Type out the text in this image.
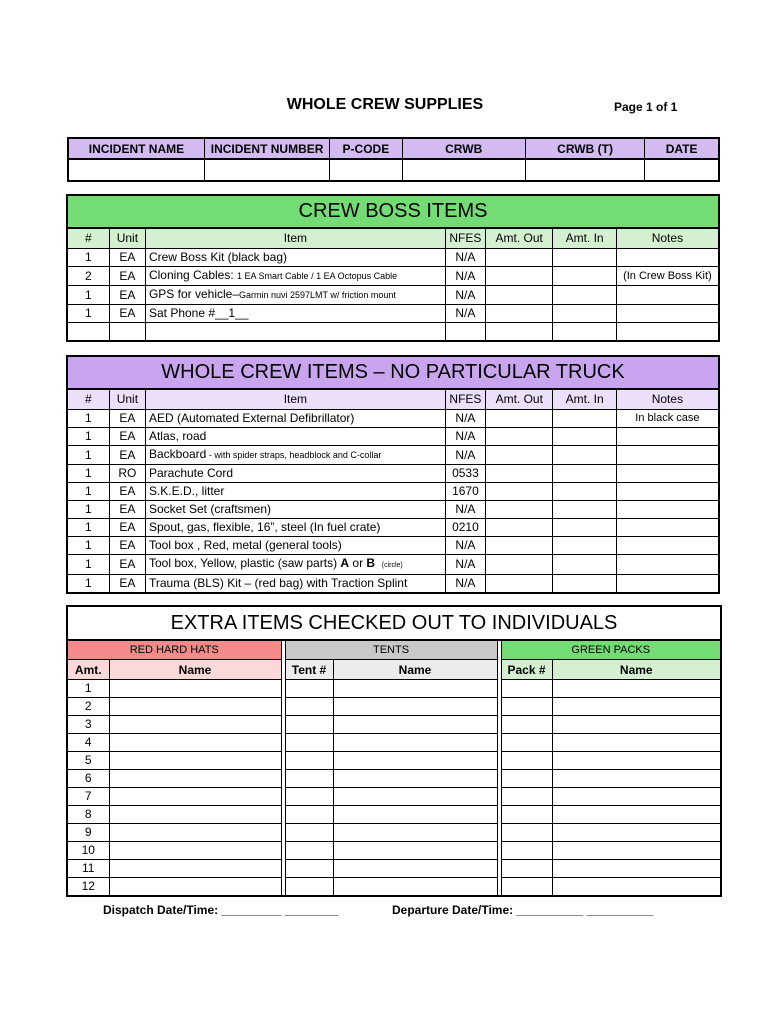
WHOLE CREW SUPPLIES	Page 1 of 1
INCIDENT NAME	INCIDENT NUMBER	P-CODE	CRWB	CRWB (T)	DATE

CREW BOSS ITEMS						
#	Unit	Item	NFES	Amt. Out	Amt. In	Notes
1	EA	Crew Boss Kit (black bag)	N/A			
2	EA	Cloning Cables: 1 EA Smart Cable / 1 EA Octopus Cable	N/A			(In Crew Boss Kit)
1	EA	GPS for vehicle–Garmin nuvi 2597LMT w/ friction mount	N/A			
1	EA	Sat Phone #__1__	N/A			

WHOLE CREW ITEMS – NO PARTICULAR TRUCK						
#	Unit	Item	NFES	Amt. Out	Amt. In	Notes
1	EA	AED (Automated External Defibrillator)	N/A			In black case
1	EA	Atlas, road	N/A			
1	EA	Backboard - with spider straps, headblock and C-collar	N/A			
1	RO	Parachute Cord	0533			
1	EA	S.K.E.D., litter	1670			
1	EA	Socket Set (craftsmen)	N/A			
1	EA	Spout, gas, flexible, 16”, steel (In fuel crate)	0210			
1	EA	Tool box , Red, metal (general tools)	N/A			
1	EA	Tool box, Yellow, plastic (saw parts) A or B (circle)	N/A			
1	EA	Trauma (BLS) Kit – (red bag) with Traction Splint	N/A			
EXTRA ITEMS CHECKED OUT TO INDIVIDUALS							
RED HARD HATS			TENTS			GREEN PACKS	
Amt.	Name		Tent #	Name		Pack #	Name
1							
2							
3							
4							
5							
6							
7							
8							
9							
10							
11							
12							
Dispatch Date/Time: _________ ________	Departure Date/Time: __________ __________
